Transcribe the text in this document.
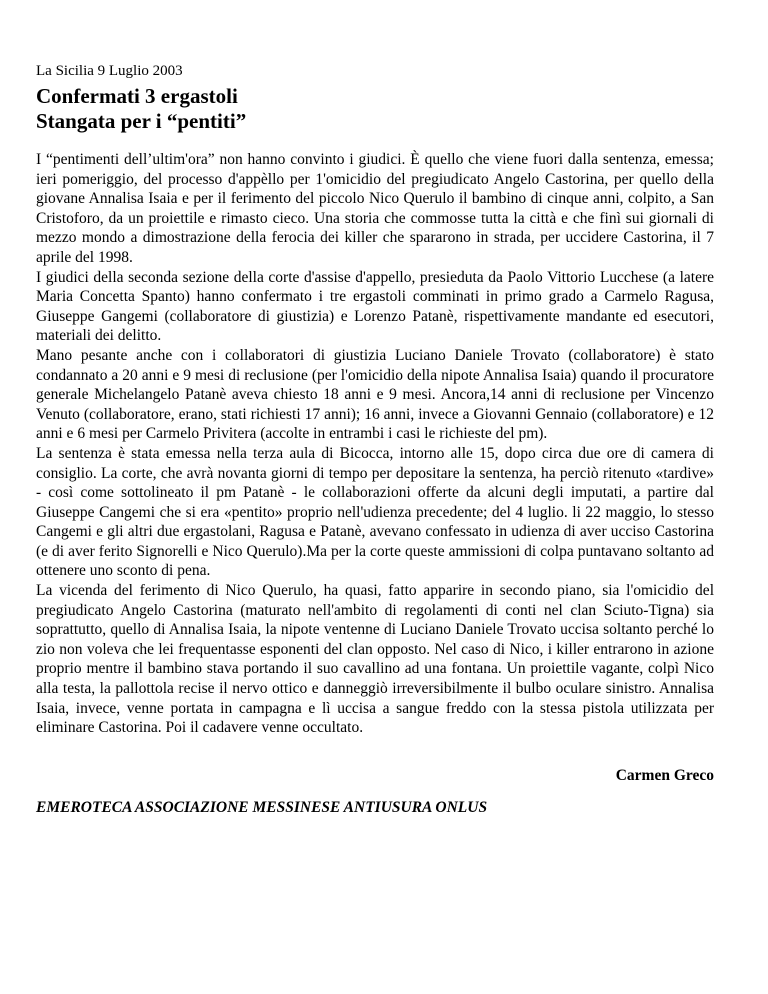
La Sicilia 9 Luglio 2003
Confermati 3 ergastoli
Stangata per i “pentiti”

I “pentimenti dell’ultim'ora” non hanno convinto i giudici. È quello che viene fuori dalla sentenza, emessa; ieri pomeriggio, del processo d'appèllo per 1'omicidio del pregiudicato Angelo Castorina, per quello della giovane Annalisa Isaia e per il ferimento del piccolo Nico Querulo il bambino di cinque anni, colpito, a San Cristoforo, da un proiettile e rimasto cieco. Una storia che commosse tutta la città e che finì sui giornali di mezzo mondo a dimostrazione della ferocia dei killer che spararono in strada, per uccidere Castorina, il 7 aprile del 1998.

I giudici della seconda sezione della corte d'assise d'appello, presieduta da Paolo Vittorio Lucchese (a latere Maria Concetta Spanto) hanno confermato i tre ergastoli comminati in primo grado a Carmelo Ragusa, Giuseppe Gangemi (collaboratore di giustizia) e Lorenzo Patanè, rispettivamente mandante ed esecutori, materiali dei delitto.

Mano pesante anche con i collaboratori di giustizia Luciano Daniele Trovato (collaboratore) è stato condannato a 20 anni e 9 mesi di reclusione (per l'omicidio della nipote Annalisa Isaia) quando il procuratore generale Michelangelo Patanè aveva chiesto 18 anni e 9 mesi. Ancora,14 anni di reclusione per Vincenzo Venuto (collaboratore, erano, stati richiesti 17 anni); 16 anni, invece a Giovanni Gennaio (collaboratore) e 12 anni e 6 mesi per Carmelo Privitera (accolte in entrambi i casi le richieste del pm).

La sentenza è stata emessa nella terza aula di Bicocca, intorno alle 15, dopo circa due ore di camera di consiglio. La corte, che avrà novanta giorni di tempo per depositare la sentenza, ha perciò ritenuto «tardive» - così come sottolineato il pm Patanè - le collaborazioni offerte da alcuni degli imputati, a partire dal Giuseppe Cangemi che si era «pentito» proprio nell'udienza precedente; del 4 luglio. li 22 maggio, lo stesso Cangemi e gli altri due ergastolani, Ragusa e Patanè, avevano confessato in udienza di aver ucciso Castorina (e di aver ferito Signorelli e Nico Querulo).Ma per la corte queste ammissioni di colpa puntavano soltanto ad ottenere uno sconto di pena.

La vicenda del ferimento di Nico Querulo, ha quasi, fatto apparire in secondo piano, sia l'omicidio del pregiudicato Angelo Castorina (maturato nell'ambito di regolamenti di conti nel clan Sciuto-Tigna) sia soprattutto, quello di Annalisa Isaia, la nipote ventenne di Luciano Daniele Trovato uccisa soltanto perché lo zio non voleva che lei frequentasse esponenti del clan opposto. Nel caso di Nico, i killer entrarono in azione proprio mentre il bambino stava portando il suo cavallino ad una fontana. Un proiettile vagante, colpì Nico alla testa, la pallottola recise il nervo ottico e danneggiò irreversibilmente il bulbo oculare sinistro. Annalisa Isaia, invece, venne portata in campagna e lì uccisa a sangue freddo con la stessa pistola utilizzata per eliminare Castorina. Poi il cadavere venne occultato.

Carmen Greco
EMEROTECA ASSOCIAZIONE MESSINESE ANTIUSURA ONLUS
